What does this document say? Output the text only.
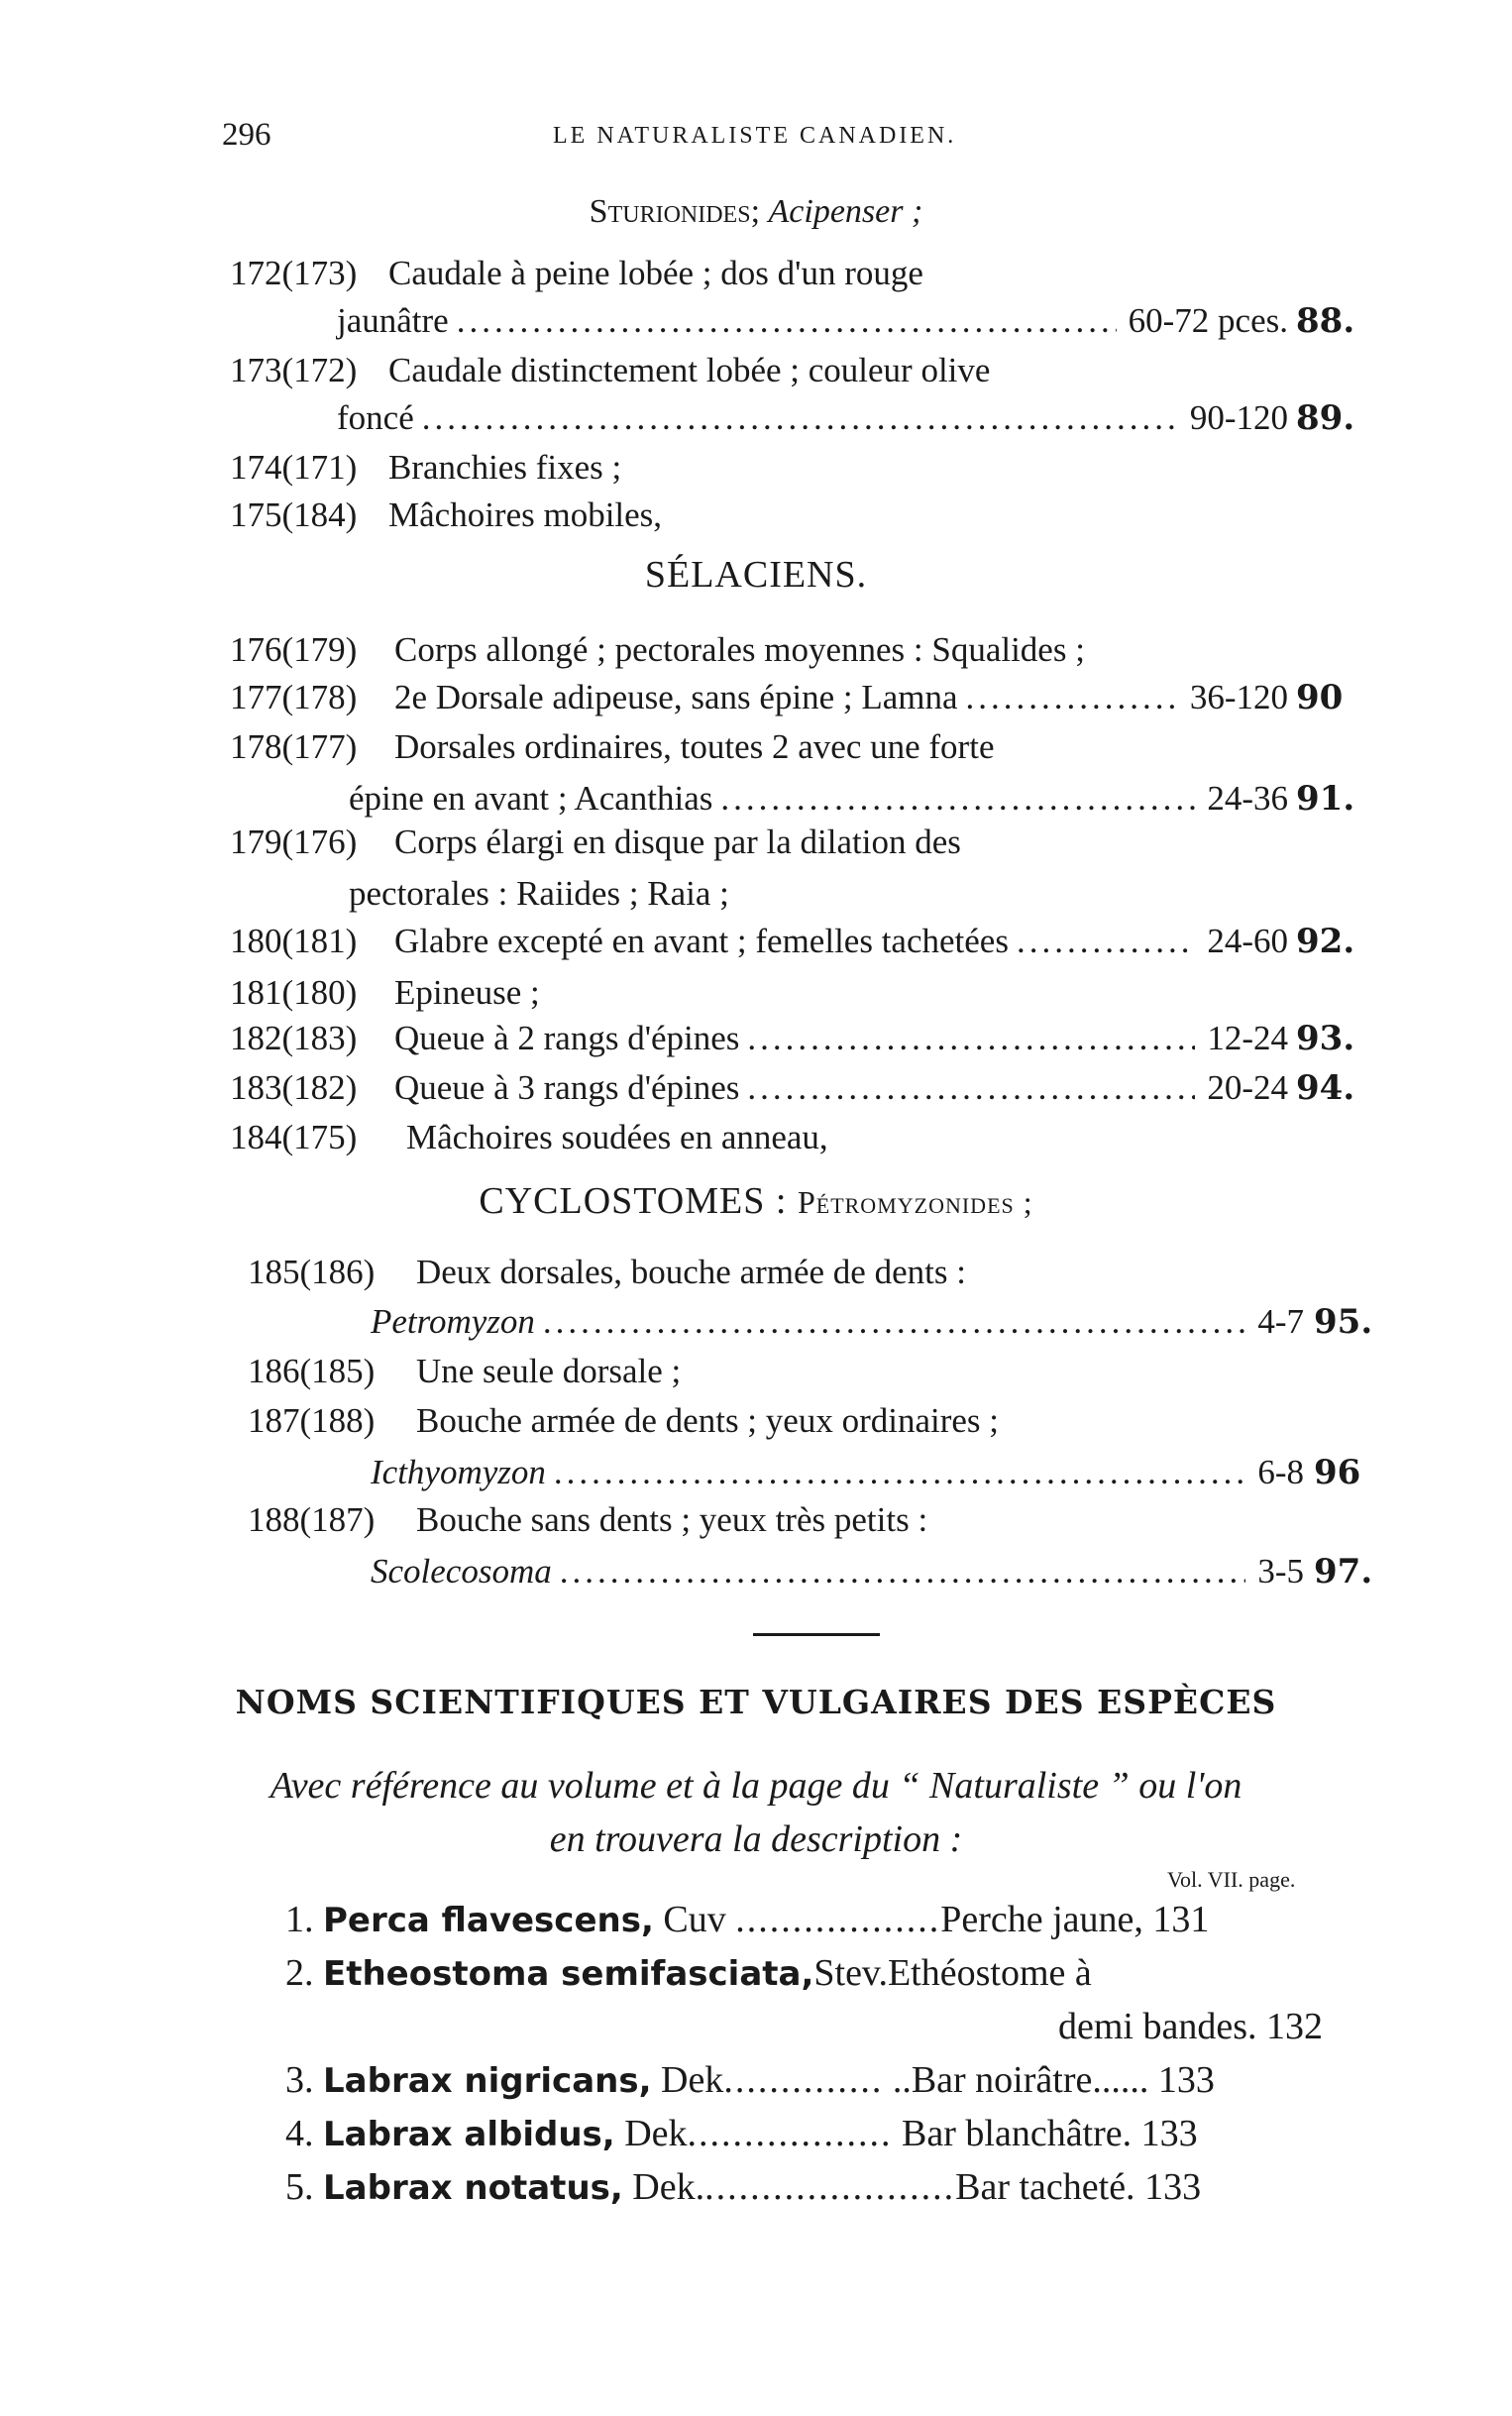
296	LE NATURALISTE CANADIEN.
Sturionides; Acipenser ;
172(173) Caudale à peine lobée ; dos d'un rouge
jaunâtre .....	60-72 pces. 88.
173(172) Caudale distinctement lobée ; couleur olive
foncé .....	90-120 89.
174(171) Branchies fixes ;
175(184) Mâchoires mobiles,
SÉLACIENS.
176(179) Corps allongé ; pectorales moyennes : Squalides ;
177(178) 2e Dorsale adipeuse, sans épine ; Lamna .....	36-120 90
178(177) Dorsales ordinaires, toutes 2 avec une forte
épine en avant ; Acanthias .....	24-36 91.
179(176) Corps élargi en disque par la dilation des
pectorales : Raiides ; Raia ;
180(181) Glabre excepté en avant ; femelles tachetées .....	24-60 92.
181(180) Epineuse ;
182(183) Queue à 2 rangs d'épines .....	12-24 93.
183(182) Queue à 3 rangs d'épines .....	20-24 94.
184(175) Mâchoires soudées en anneau,
CYCLOSTOMES : Pétromyzonides ;
185(186) Deux dorsales, bouche armée de dents :
Petromyzon .....	4-7 95.
186(185) Une seule dorsale ;
187(188) Bouche armée de dents ; yeux ordinaires ;
Icthyomyzon .....	6-8 96
188(187) Bouche sans dents ; yeux très petits :
Scolecosoma .....	3-5 97.
NOMS SCIENTIFIQUES ET VULGAIRES DES ESPÈCES
Avec référence au volume et à la page du “ Naturaliste ” ou l'on
en trouvera la description :
Vol. VII. page.
1. Perca flavescens, Cuv ..................Perche jaune, 131
2. Etheostoma semifasciata,Stev.Ethéostome à
demi bandes. 132
3. Labrax nigricans, Dek.............. ..Bar noirâtre...... 133
4. Labrax albidus, Dek.................. Bar blanchâtre. 133
5. Labrax notatus, Dek.......................Bar tacheté. 133
